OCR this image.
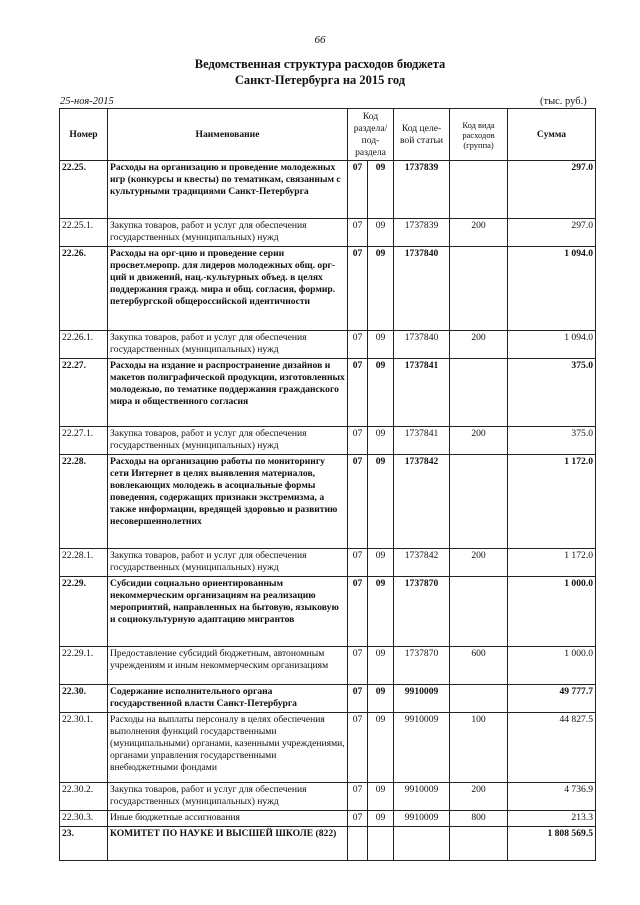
66
Ведомственная структура расходов бюджета
Санкт-Петербурга на 2015 год
25-ноя-2015	(тыс. руб.)
Номер	Наименование	Код раздела/ под-раздела		Код целе-вой статьи	Код вида расходов (группа)	Сумма
22.25.	Расходы на организацию и проведение молодежных игр (конкурсы и квесты) по тематикам, связанным с культурными традициями Санкт-Петербурга	07	09	1737839		297.0
22.25.1.	Закупка товаров, работ и услуг для обеспечения государственных (муниципальных) нужд	07	09	1737839	200	297.0
22.26.	Расходы на орг-цию и проведение серии просвет.меропр. для лидеров молодежных общ. орг-ций и движений, нац.-культурных объед. в целях поддержания гражд. мира и общ. согласия, формир. петербургской общероссийской идентичности	07	09	1737840		1 094.0
22.26.1.	Закупка товаров, работ и услуг для обеспечения государственных (муниципальных) нужд	07	09	1737840	200	1 094.0
22.27.	Расходы на издание и распространение дизайнов и макетов полиграфической продукции, изготовленных молодежью, по тематике поддержания гражданского мира и общественного согласия	07	09	1737841		375.0
22.27.1.	Закупка товаров, работ и услуг для обеспечения государственных (муниципальных) нужд	07	09	1737841	200	375.0
22.28.	Расходы на организацию работы по мониторингу сети Интернет в целях выявления материалов, вовлекающих молодежь в асоциальные формы поведения, содержащих признаки экстремизма, а также информации, вредящей здоровью и развитию несовершеннолетних	07	09	1737842		1 172.0
22.28.1.	Закупка товаров, работ и услуг для обеспечения государственных (муниципальных) нужд	07	09	1737842	200	1 172.0
22.29.	Субсидии социально ориентированным некоммерческим организациям на реализацию мероприятий, направленных на бытовую, языковую и социокультурную адаптацию мигрантов	07	09	1737870		1 000.0
22.29.1.	Предоставление субсидий бюджетным, автономным учреждениям и иным некоммерческим организациям	07	09	1737870	600	1 000.0
22.30.	Содержание исполнительного органа государственной власти Санкт-Петербурга	07	09	9910009		49 777.7
22.30.1.	Расходы на выплаты персоналу в целях обеспечения выполнения функций государственными (муниципальными) органами, казенными учреждениями, органами управления государственными внебюджетными фондами	07	09	9910009	100	44 827.5
22.30.2.	Закупка товаров, работ и услуг для обеспечения государственных (муниципальных) нужд	07	09	9910009	200	4 736.9
22.30.3.	Иные бюджетные ассигнования	07	09	9910009	800	213.3
23.	КОМИТЕТ ПО НАУКЕ И ВЫСШЕЙ ШКОЛЕ (822)					1 808 569.5
